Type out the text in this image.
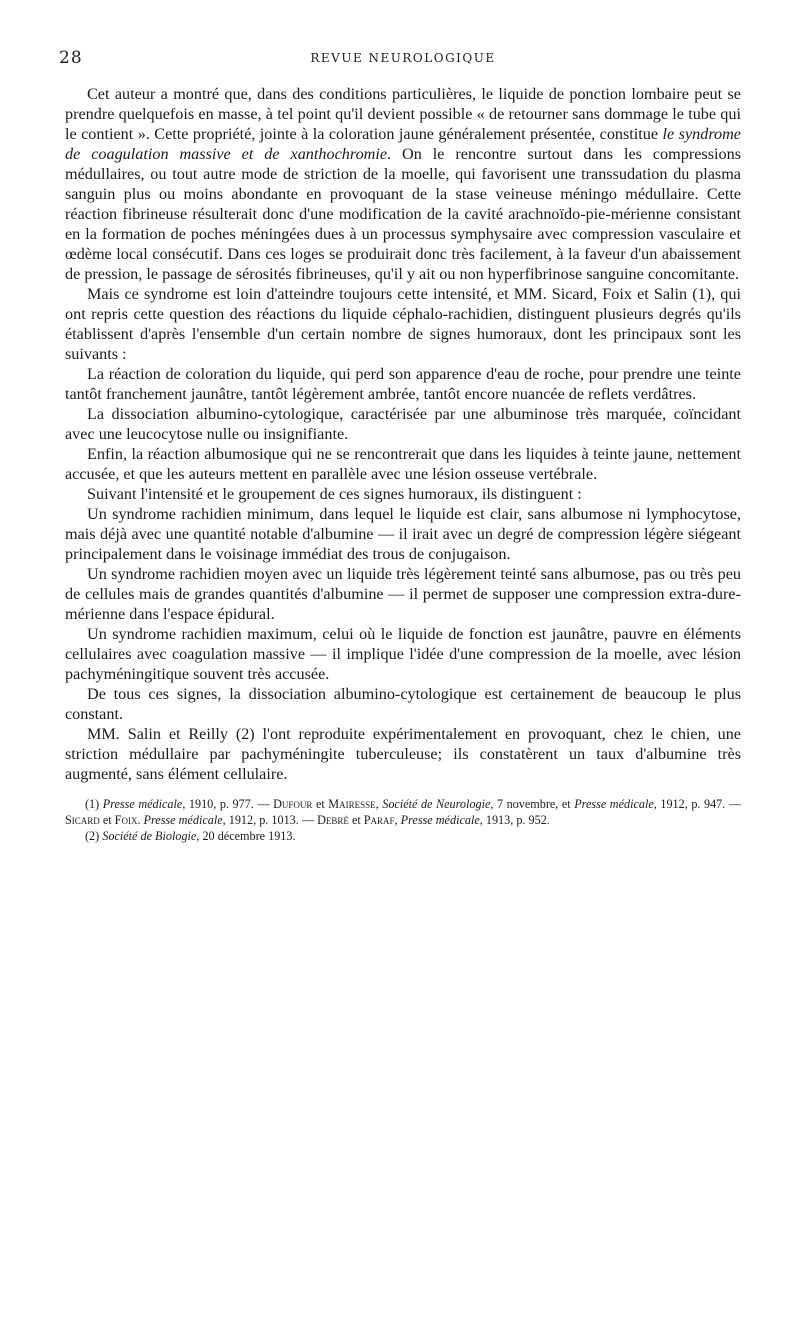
28	REVUE NEUROLOGIQUE

Cet auteur a montré que, dans des conditions particulières, le liquide de ponction lombaire peut se prendre quelquefois en masse, à tel point qu'il devient possible « de retourner sans dommage le tube qui le contient ». Cette propriété, jointe à la coloration jaune généralement présentée, constitue le syndrome de coagulation massive et de xanthochromie. On le rencontre surtout dans les compressions médullaires, ou tout autre mode de striction de la moelle, qui favorisent une transsudation du plasma sanguin plus ou moins abondante en provoquant de la stase veineuse méningo médullaire. Cette réaction fibrineuse résulterait donc d'une modification de la cavité arachnoïdo-pie-mérienne consistant en la formation de poches méningées dues à un processus symphysaire avec compression vasculaire et œdème local consécutif. Dans ces loges se produirait donc très facilement, à la faveur d'un abaissement de pression, le passage de sérosités fibrineuses, qu'il y ait ou non hyperfibrinose sanguine concomitante.

Mais ce syndrome est loin d'atteindre toujours cette intensité, et MM. Sicard, Foix et Salin (1), qui ont repris cette question des réactions du liquide céphalo-rachidien, distinguent plusieurs degrés qu'ils établissent d'après l'ensemble d'un certain nombre de signes humoraux, dont les principaux sont les suivants :

La réaction de coloration du liquide, qui perd son apparence d'eau de roche, pour prendre une teinte tantôt franchement jaunâtre, tantôt légèrement ambrée, tantôt encore nuancée de reflets verdâtres.

La dissociation albumino-cytologique, caractérisée par une albuminose très marquée, coïncidant avec une leucocytose nulle ou insignifiante.

Enfin, la réaction albumosique qui ne se rencontrerait que dans les liquides à teinte jaune, nettement accusée, et que les auteurs mettent en parallèle avec une lésion osseuse vertébrale.

Suivant l'intensité et le groupement de ces signes humoraux, ils distinguent :

Un syndrome rachidien minimum, dans lequel le liquide est clair, sans albumose ni lymphocytose, mais déjà avec une quantité notable d'albumine — il irait avec un degré de compression légère siégeant principalement dans le voisinage immédiat des trous de conjugaison.

Un syndrome rachidien moyen avec un liquide très légèrement teinté sans albumose, pas ou très peu de cellules mais de grandes quantités d'albumine — il permet de supposer une compression extra-dure-mérienne dans l'espace épidural.

Un syndrome rachidien maximum, celui où le liquide de fonction est jaunâtre, pauvre en éléments cellulaires avec coagulation massive — il implique l'idée d'une compression de la moelle, avec lésion pachyméningitique souvent très accusée.

De tous ces signes, la dissociation albumino-cytologique est certainement de beaucoup le plus constant.

MM. Salin et Reilly (2) l'ont reproduite expérimentalement en provoquant, chez le chien, une striction médullaire par pachyméningite tuberculeuse; ils constatèrent un taux d'albumine très augmenté, sans élément cellulaire.

(1) Presse médicale, 1910, p. 977. — Dufour et Mairesse, Société de Neurologie, 7 novembre, et Presse médicale, 1912, p. 947. — Sicard et Foix. Presse médicale, 1912, p. 1013. — Debré et Paraf, Presse médicale, 1913, p. 952.

(2) Société de Biologie, 20 décembre 1913.
